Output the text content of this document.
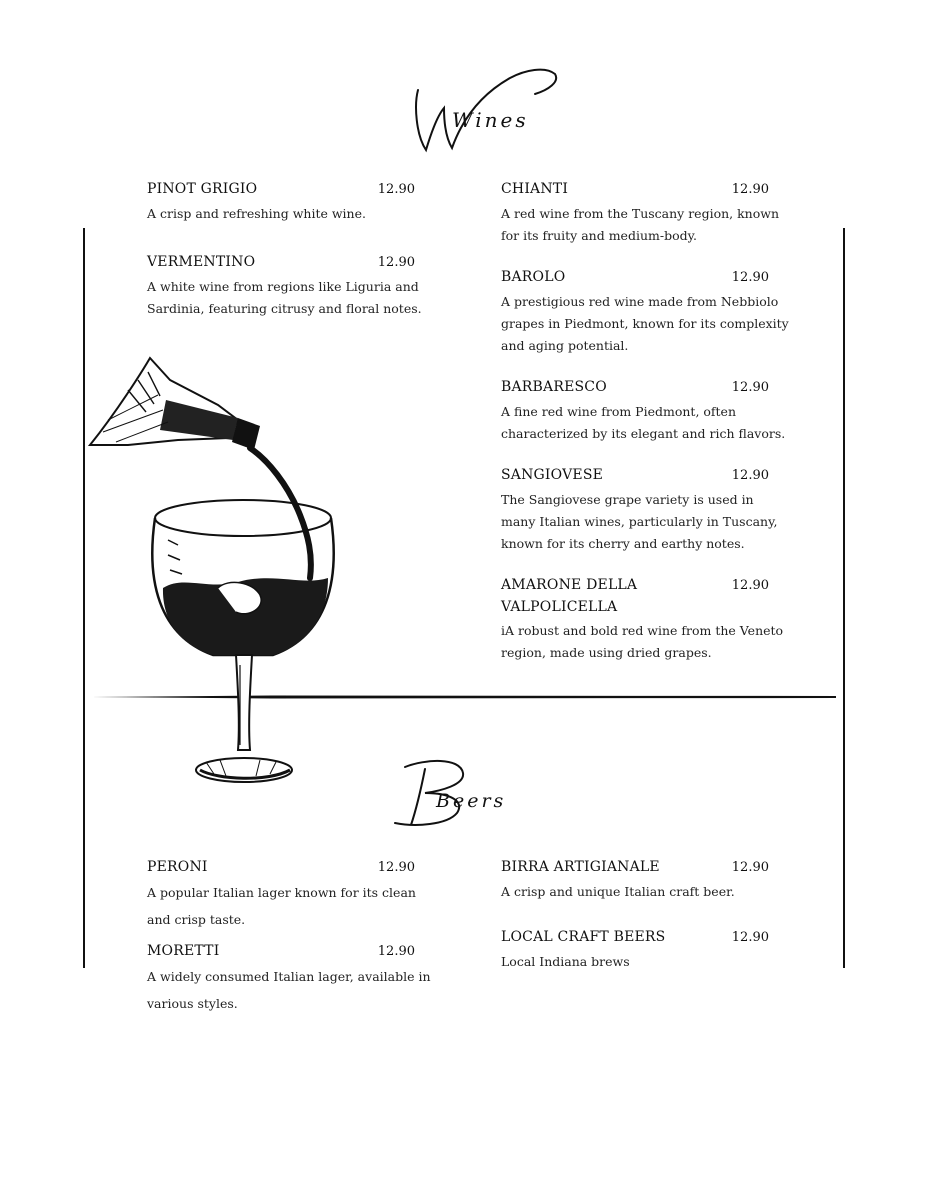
Wines
Beers
PINOT GRIGIO	12.90
A crisp and refreshing white wine.
VERMENTINO	12.90
A white wine from regions like Liguria and Sardinia, featuring citrusy and floral notes.
CHIANTI	12.90
A red wine from the Tuscany region, known for its fruity and medium-body.
BAROLO	12.90
A prestigious red wine made from Nebbiolo grapes in Piedmont, known for its complexity and aging potential.
BARBARESCO	12.90
A fine red wine from Piedmont, often characterized by its elegant and rich flavors.
SANGIOVESE	12.90
The Sangiovese grape variety is used in many Italian wines, particularly in Tuscany, known for its cherry and earthy notes.
AMARONE DELLA VALPOLICELLA
12.90
iA robust and bold red wine from the Veneto region, made using dried grapes.
PERONI	12.90
A popular Italian lager known for its clean and crisp taste.
MORETTI	12.90
A widely consumed Italian lager, available in various styles.
BIRRA ARTIGIANALE	12.90
A crisp and unique Italian craft beer.
LOCAL CRAFT BEERS	12.90
Local Indiana brews
